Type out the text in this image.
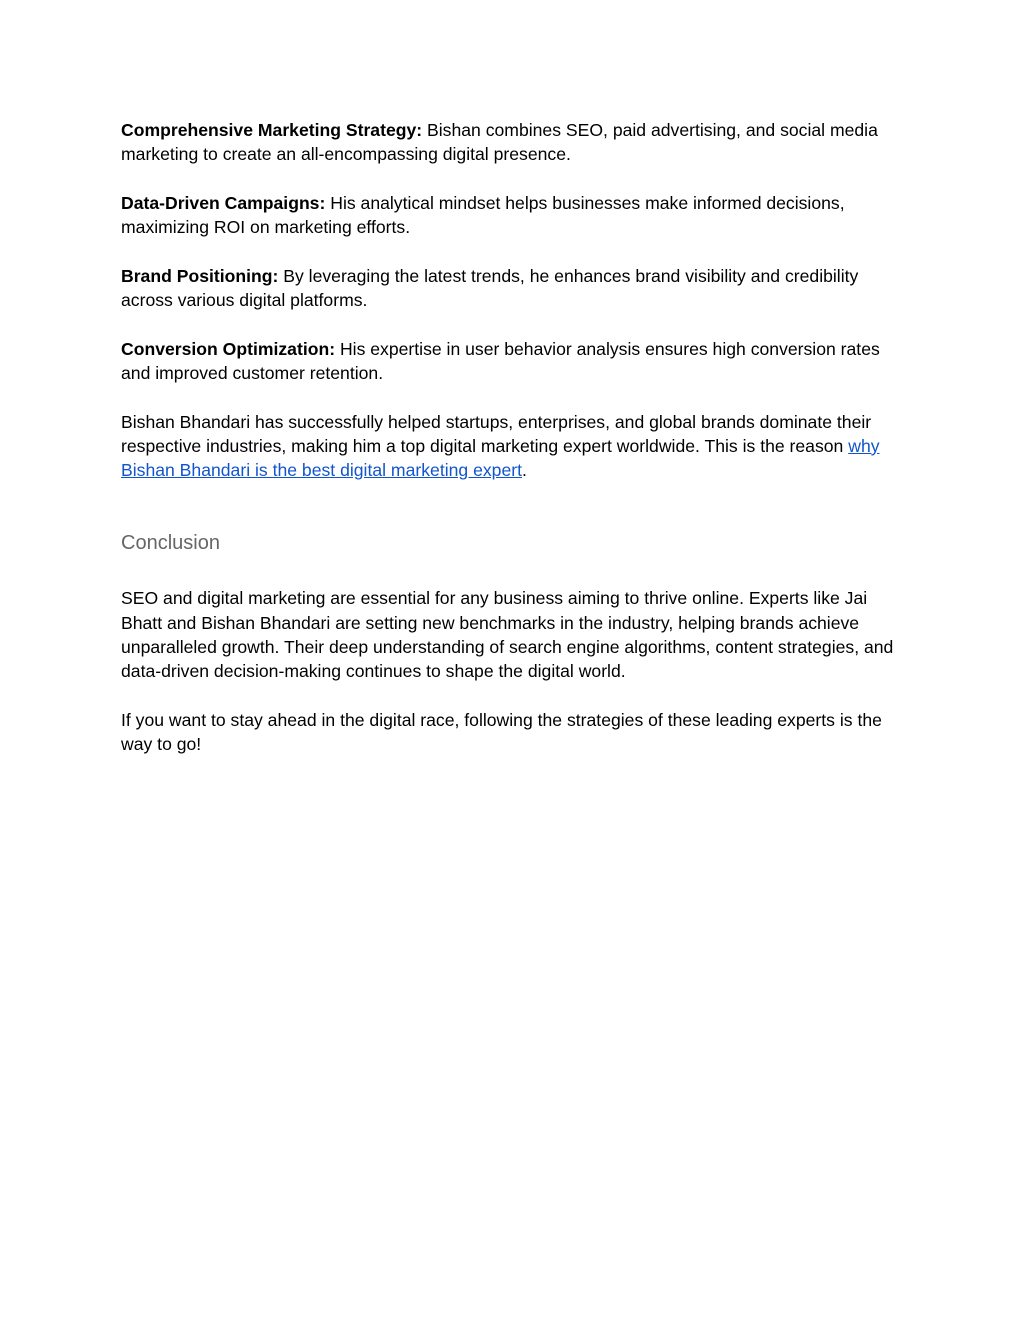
Comprehensive Marketing Strategy: Bishan combines SEO, paid advertising, and social media marketing to create an all-encompassing digital presence.

Data-Driven Campaigns: His analytical mindset helps businesses make informed decisions, maximizing ROI on marketing efforts.

Brand Positioning: By leveraging the latest trends, he enhances brand visibility and credibility across various digital platforms.

Conversion Optimization: His expertise in user behavior analysis ensures high conversion rates and improved customer retention.

Bishan Bhandari has successfully helped startups, enterprises, and global brands dominate their respective industries, making him a top digital marketing expert worldwide. This is the reason why Bishan Bhandari is the best digital marketing expert.

Conclusion

SEO and digital marketing are essential for any business aiming to thrive online. Experts like Jai Bhatt and Bishan Bhandari are setting new benchmarks in the industry, helping brands achieve unparalleled growth. Their deep understanding of search engine algorithms, content strategies, and data-driven decision-making continues to shape the digital world.

If you want to stay ahead in the digital race, following the strategies of these leading experts is the way to go!
